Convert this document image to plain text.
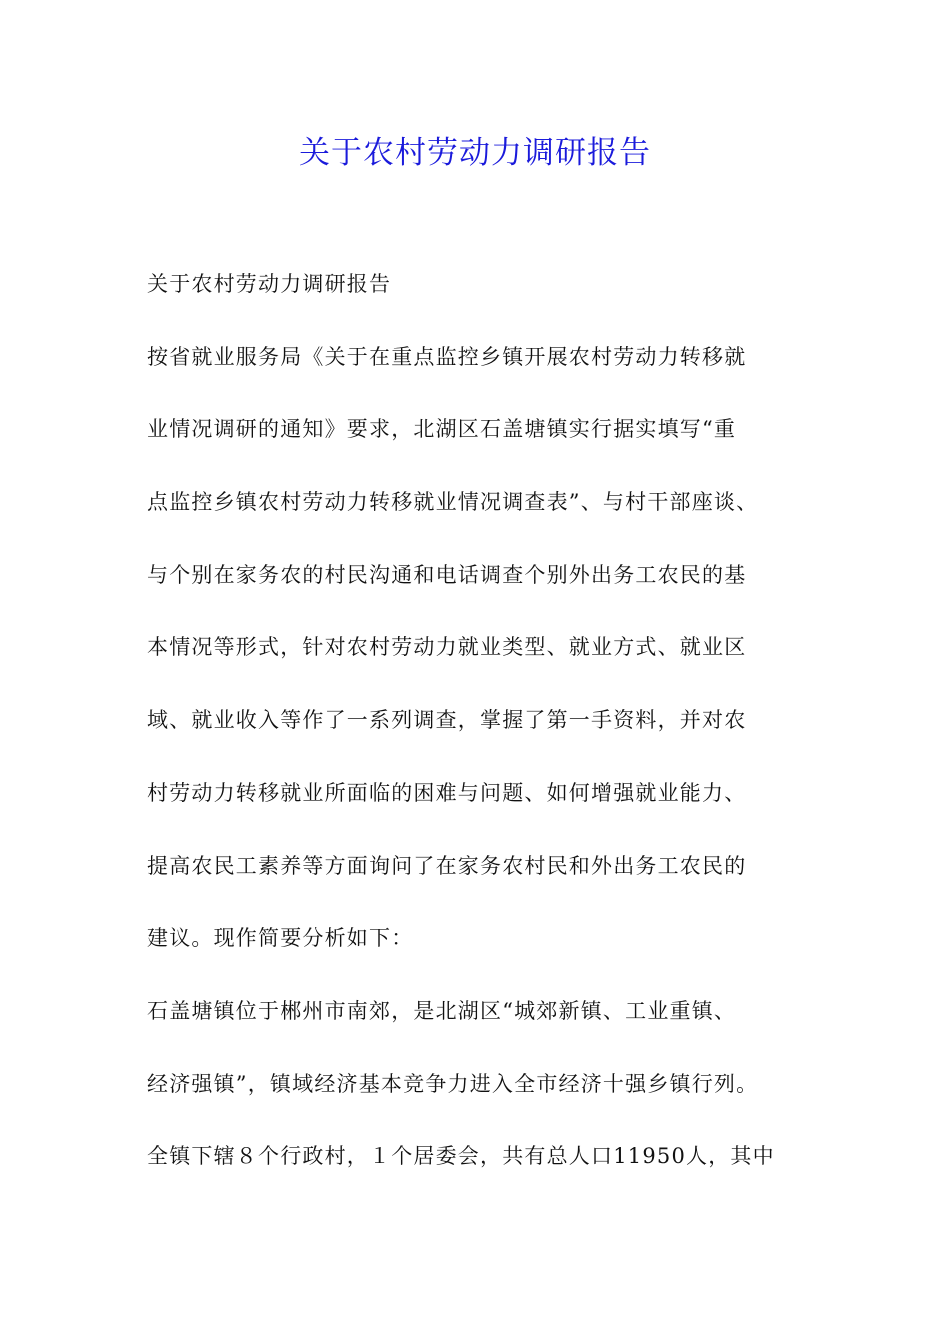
关于农村劳动力调研报告
关于农村劳动力调研报告
按省就业服务局《关于在重点监控乡镇开展农村劳动力转移就
业情况调研的通知》要求，北湖区石盖塘镇实行据实填写“重
点监控乡镇农村劳动力转移就业情况调查表”、与村干部座谈、
与个别在家务农的村民沟通和电话调查个别外出务工农民的基
本情况等形式，针对农村劳动力就业类型、就业方式、就业区
域、就业收入等作了一系列调查，掌握了第一手资料，并对农
村劳动力转移就业所面临的困难与问题、如何增强就业能力、
提高农民工素养等方面询问了在家务农村民和外出务工农民的
建议。现作简要分析如下：
石盖塘镇位于郴州市南郊，是北湖区“城郊新镇、工业重镇、
经济强镇”，镇域经济基本竞争力进入全市经济十强乡镇行列。
全镇下辖８个行政村，１个居委会，共有总人口11950人，其中
